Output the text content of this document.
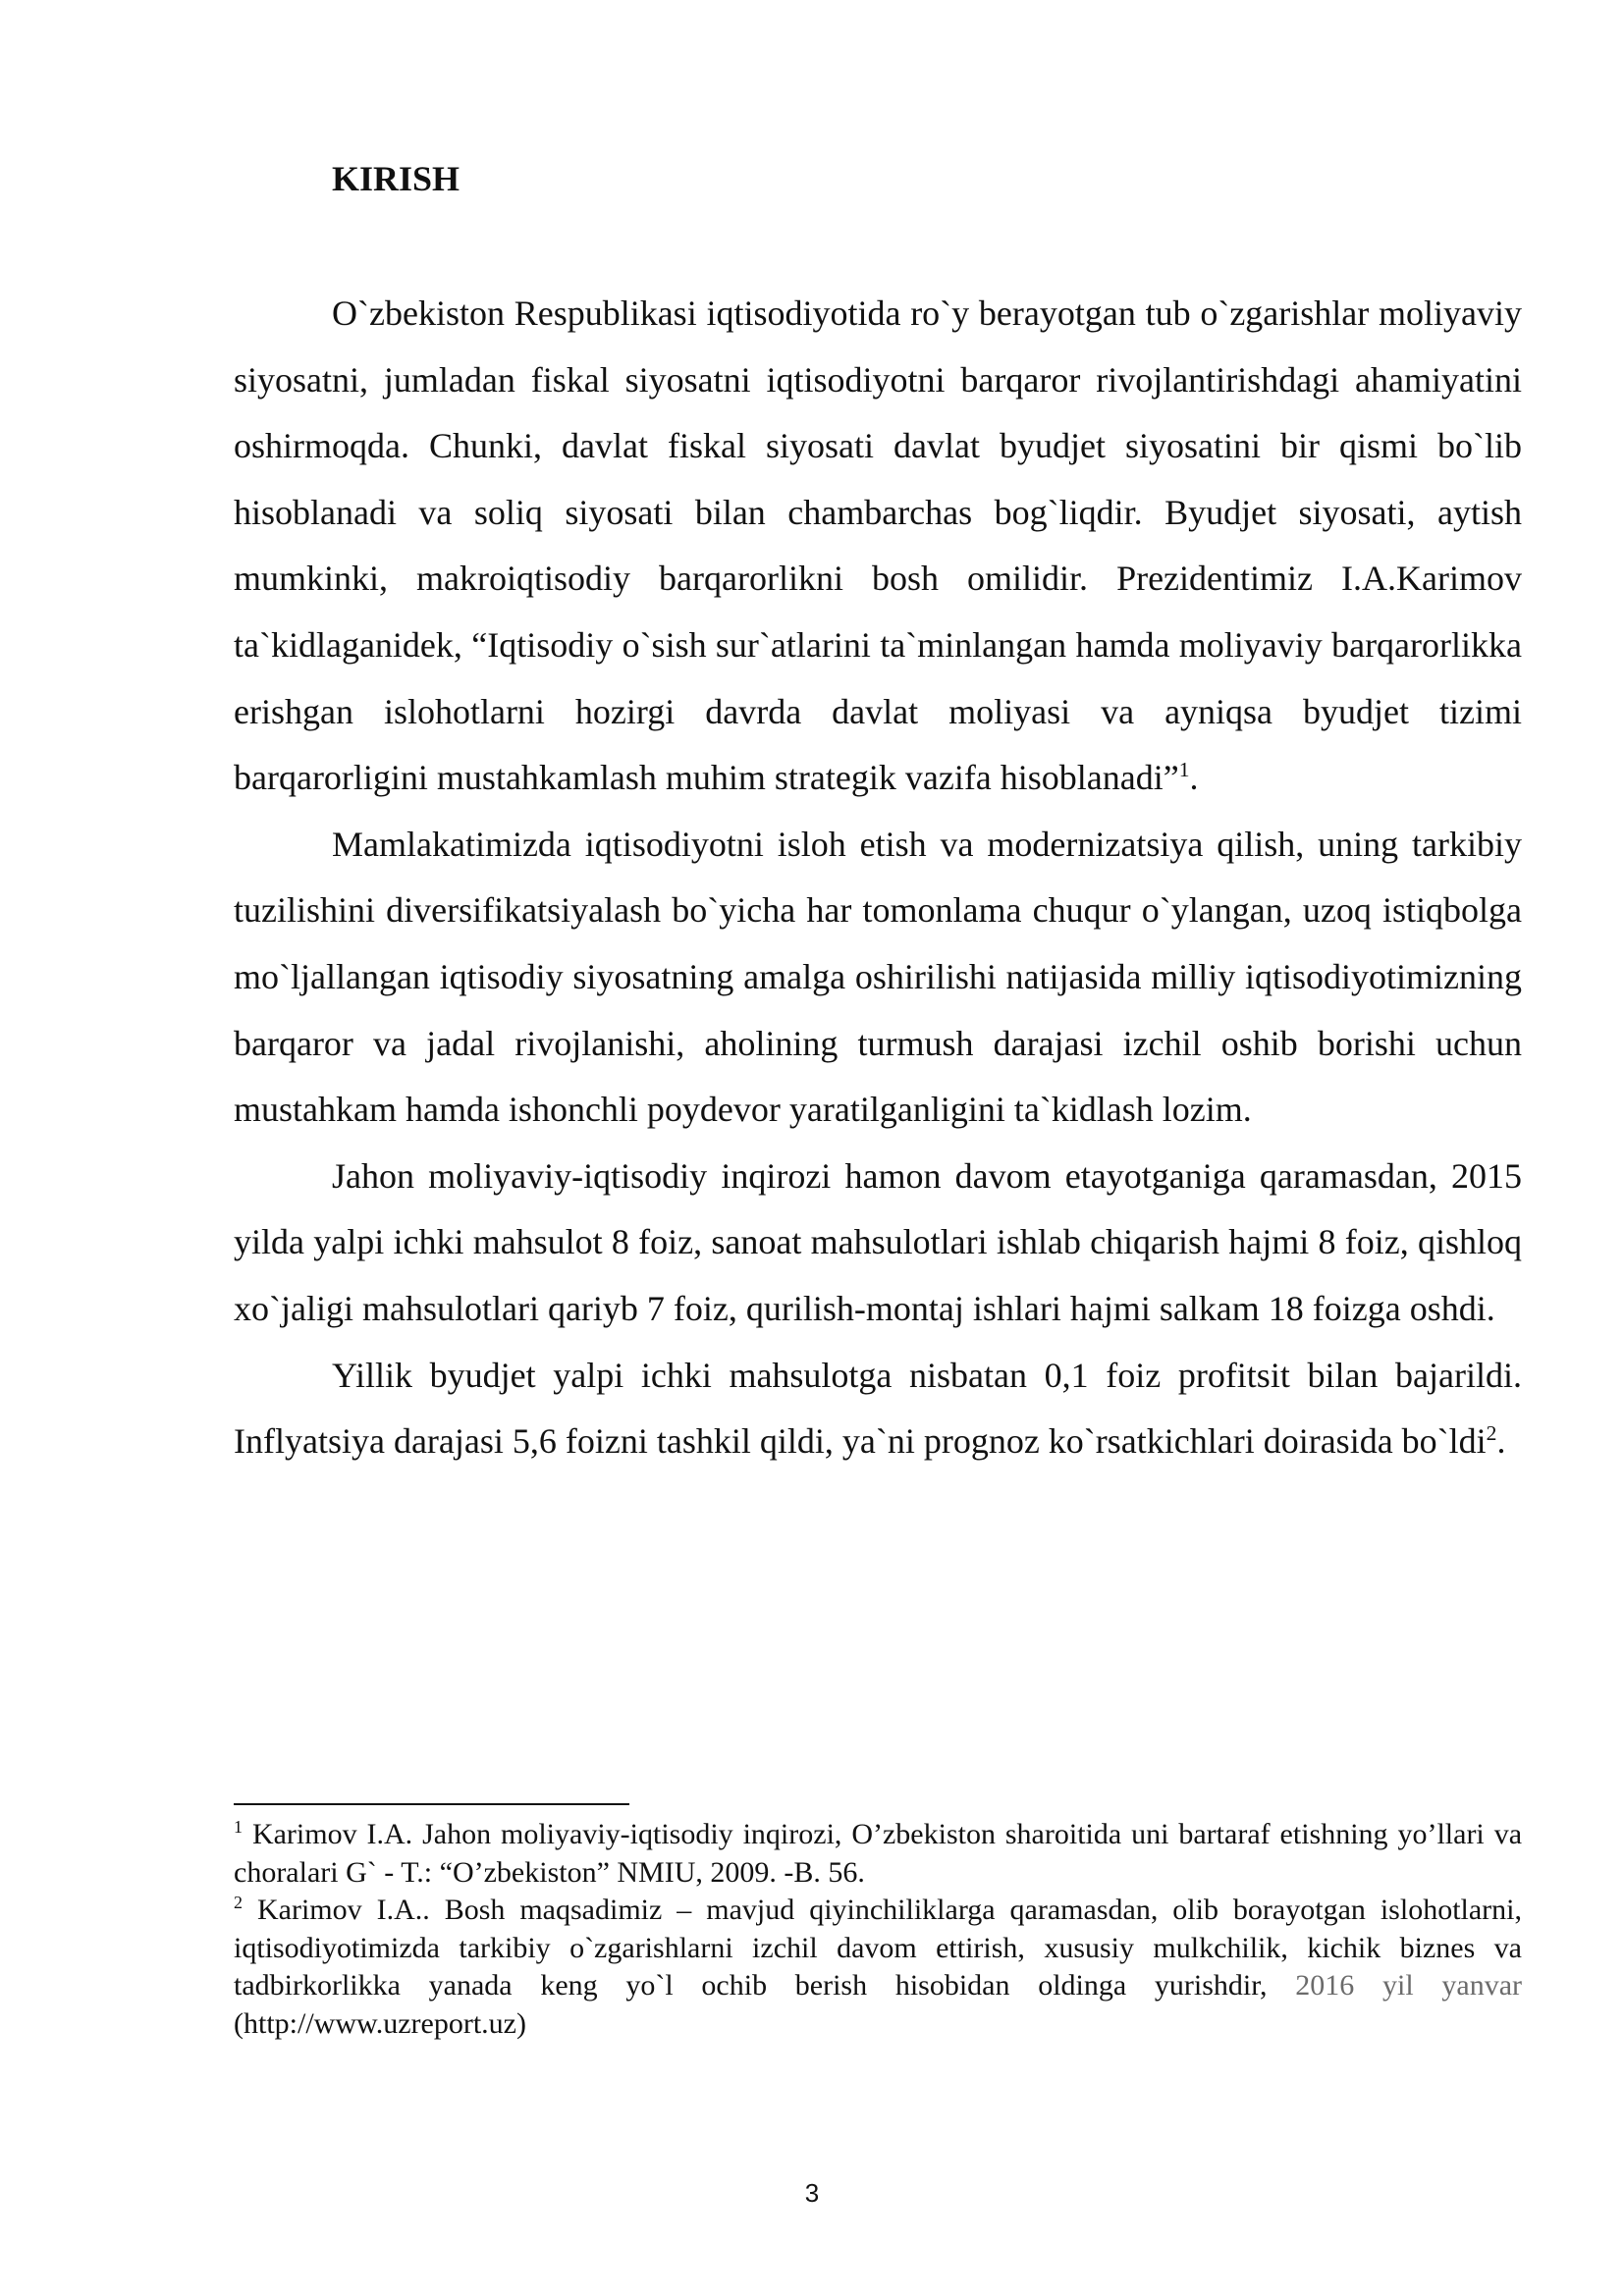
KIRISH

O`zbekiston Respublikasi iqtisodiyotida ro`y berayotgan tub o`zgarishlar moliyaviy siyosatni, jumladan fiskal siyosatni iqtisodiyotni barqaror rivojlantirishdagi ahamiyatini oshirmoqda. Chunki, davlat fiskal siyosati davlat byudjet siyosatini bir qismi bo`lib hisoblanadi va soliq siyosati bilan chambarchas bog`liqdir. Byudjet siyosati, aytish mumkinki, makroiqtisodiy barqarorlikni bosh omilidir. Prezidentimiz I.A.Karimov ta`kidlaganidek, “Iqtisodiy o`sish sur`atlarini ta`minlangan hamda moliyaviy barqarorlikka erishgan islohotlarni hozirgi davrda davlat moliyasi va ayniqsa byudjet tizimi barqarorligini mustahkamlash muhim strategik vazifa hisoblanadi”$^1$.

Mamlakatimizda iqtisodiyotni isloh etish va modernizatsiya qilish, uning tarkibiy tuzilishini diversifikatsiyalash bo`yicha har tomonlama chuqur o`ylangan, uzoq istiqbolga mo`ljallangan iqtisodiy siyosatning amalga oshirilishi natijasida milliy iqtisodiyotimizning barqaror va jadal rivojlanishi, aholining turmush darajasi izchil oshib borishi uchun mustahkam hamda ishonchli poydevor yaratilganligini ta`kidlash lozim.

Jahon moliyaviy-iqtisodiy inqirozi hamon davom etayotganiga qaramasdan, 2015 yilda yalpi ichki mahsulot 8 foiz, sanoat mahsulotlari ishlab chiqarish hajmi 8 foiz, qishloq xo`jaligi mahsulotlari qariyb 7 foiz, qurilish-montaj ishlari hajmi salkam 18 foizga oshdi.

Yillik byudjet yalpi ichki mahsulotga nisbatan 0,1 foiz profitsit bilan bajarildi. Inflyatsiya darajasi 5,6 foizni tashkil qildi, ya`ni prognoz ko`rsatkichlari doirasida bo`ldi$^2$.

$^1$ Karimov I.A. Jahon moliyaviy-iqtisodiy inqirozi, O’zbekiston sharoitida uni bartaraf etishning yo’llari va choralari G` - T.: “O’zbekiston” NMIU, 2009. -B. 56.

$^2$ Karimov I.A.. Bosh maqsadimiz – mavjud qiyinchiliklarga qaramasdan, olib borayotgan islohotlarni, iqtisodiyotimizda tarkibiy o`zgarishlarni izchil davom ettirish, xususiy mulkchilik, kichik biznes va tadbirkorlikka yanada keng yo`l ochib berish hisobidan oldinga yurishdir, 2016 yil yanvar (http://www.uzreport.uz)

3
